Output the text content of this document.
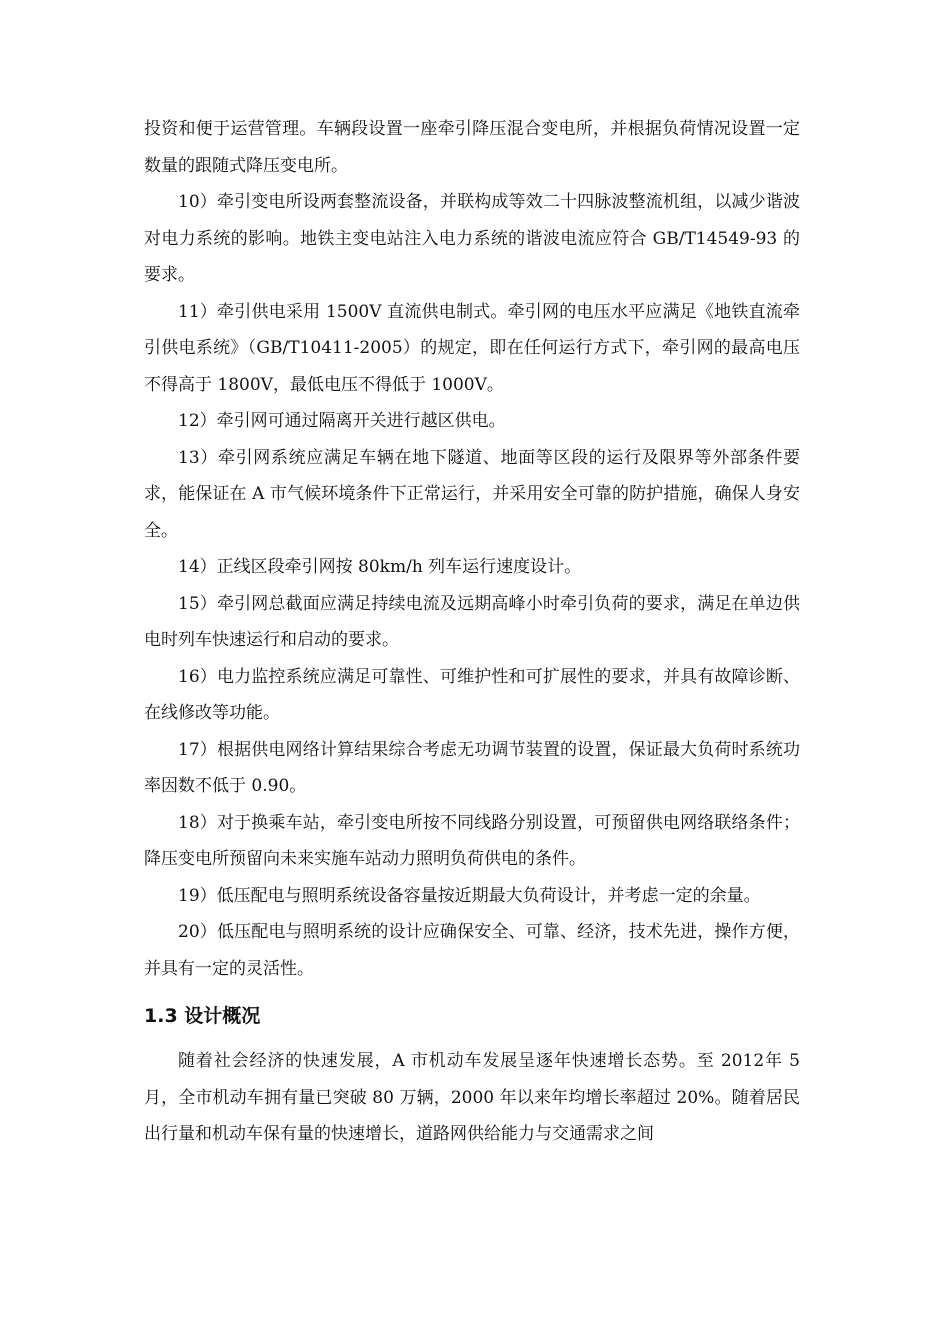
投资和便于运营管理。车辆段设置一座牵引降压混合变电所，并根据负荷情况设置一定数量的跟随式降压变电所。

10）牵引变电所设两套整流设备，并联构成等效二十四脉波整流机组，以减少谐波对电力系统的影响。地铁主变电站注入电力系统的谐波电流应符合 GB/T14549-93 的要求。

11）牵引供电采用 1500V 直流供电制式。牵引网的电压水平应满足《地铁直流牵引供电系统》（GB/T10411-2005）的规定，即在任何运行方式下，牵引网的最高电压不得高于 1800V，最低电压不得低于 1000V。

12）牵引网可通过隔离开关进行越区供电。

13）牵引网系统应满足车辆在地下隧道、地面等区段的运行及限界等外部条件要求，能保证在 A 市气候环境条件下正常运行，并采用安全可靠的防护措施，确保人身安全。

14）正线区段牵引网按 80km/h 列车运行速度设计。

15）牵引网总截面应满足持续电流及远期高峰小时牵引负荷的要求，满足在单边供电时列车快速运行和启动的要求。

16）电力监控系统应满足可靠性、可维护性和可扩展性的要求，并具有故障诊断、在线修改等功能。

17）根据供电网络计算结果综合考虑无功调节装置的设置，保证最大负荷时系统功率因数不低于 0.90。

18）对于换乘车站，牵引变电所按不同线路分别设置，可预留供电网络联络条件；降压变电所预留向未来实施车站动力照明负荷供电的条件。

19）低压配电与照明系统设备容量按近期最大负荷设计，并考虑一定的余量。

20）低压配电与照明系统的设计应确保安全、可靠、经济，技术先进，操作方便，并具有一定的灵活性。

1.3 设计概况

随着社会经济的快速发展，A 市机动车发展呈逐年快速增长态势。至 2012年 5 月，全市机动车拥有量已突破 80 万辆，2000 年以来年均增长率超过 20%。随着居民出行量和机动车保有量的快速增长，道路网供给能力与交通需求之间
